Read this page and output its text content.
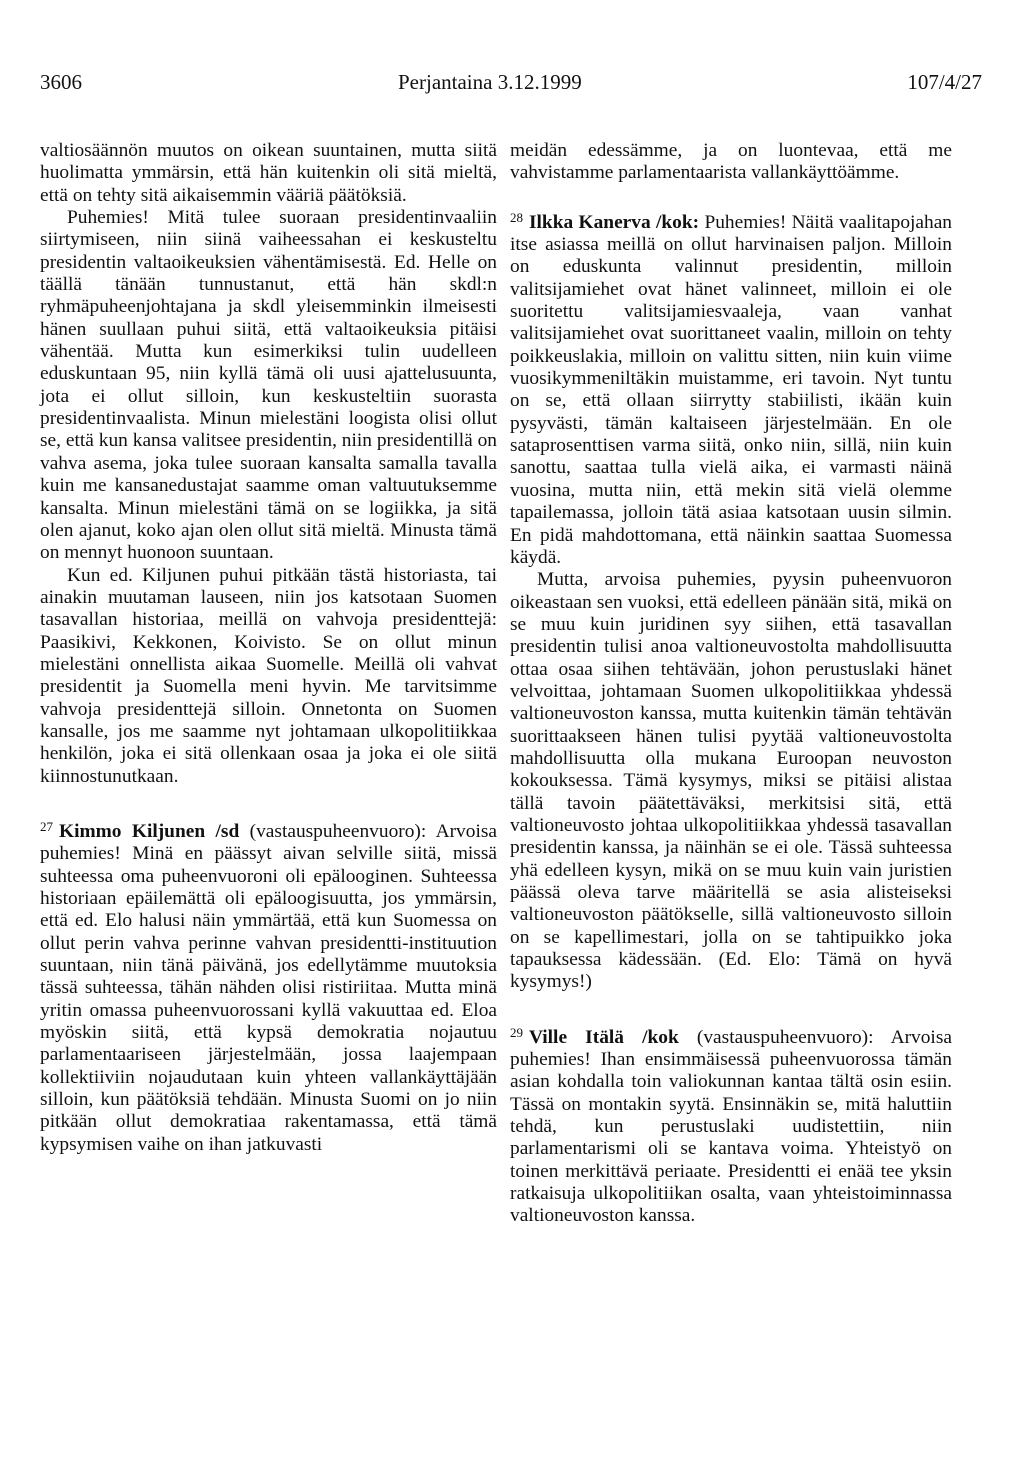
3606	Perjantaina 3.12.1999	107/4/27

valtiosäännön muutos on oikean suuntainen, mutta siitä huolimatta ymmärsin, että hän kuitenkin oli sitä mieltä, että on tehty sitä aikaisemmin vääriä päätöksiä.

Puhemies! Mitä tulee suoraan presidentinvaaliin siirtymiseen, niin siinä vaiheessahan ei keskusteltu presidentin valtaoikeuksien vähentämisestä. Ed. Helle on täällä tänään tunnustanut, että hän skdl:n ryhmäpuheenjohtajana ja skdl yleisemminkin ilmeisesti hänen suullaan puhui siitä, että valtaoikeuksia pitäisi vähentää. Mutta kun esimerkiksi tulin uudelleen eduskuntaan 95, niin kyllä tämä oli uusi ajattelusuunta, jota ei ollut silloin, kun keskusteltiin suorasta presidentinvaalista. Minun mielestäni loogista olisi ollut se, että kun kansa valitsee presidentin, niin presidentillä on vahva asema, joka tulee suoraan kansalta samalla tavalla kuin me kansanedustajat saamme oman valtuutuksemme kansalta. Minun mielestäni tämä on se logiikka, ja sitä olen ajanut, koko ajan olen ollut sitä mieltä. Minusta tämä on mennyt huonoon suuntaan.

Kun ed. Kiljunen puhui pitkään tästä historiasta, tai ainakin muutaman lauseen, niin jos katsotaan Suomen tasavallan historiaa, meillä on vahvoja presidenttejä: Paasikivi, Kekkonen, Koivisto. Se on ollut minun mielestäni onnellista aikaa Suomelle. Meillä oli vahvat presidentit ja Suomella meni hyvin. Me tarvitsimme vahvoja presidenttejä silloin. Onnetonta on Suomen kansalle, jos me saamme nyt johtamaan ulkopolitiikkaa henkilön, joka ei sitä ollenkaan osaa ja joka ei ole siitä kiinnostunutkaan.

$^{27}$ Kimmo Kiljunen /sd (vastauspuheenvuoro): Arvoisa puhemies! Minä en päässyt aivan selville siitä, missä suhteessa oma puheenvuoroni oli epälooginen. Suhteessa historiaan epäilemättä oli epäloogisuutta, jos ymmärsin, että ed. Elo halusi näin ymmärtää, että kun Suomessa on ollut perin vahva perinne vahvan presidentti-instituution suuntaan, niin tänä päivänä, jos edellytämme muutoksia tässä suhteessa, tähän nähden olisi ristiriitaa. Mutta minä yritin omassa puheenvuorossani kyllä vakuuttaa ed. Eloa myöskin siitä, että kypsä demokratia nojautuu parlamentaariseen järjestelmään, jossa laajempaan kollektiiviin nojaudutaan kuin yhteen vallankäyttäjään silloin, kun päätöksiä tehdään. Minusta Suomi on jo niin pitkään ollut demokratiaa rakentamassa, että tämä kypsymisen vaihe on ihan jatkuvasti

meidän edessämme, ja on luontevaa, että me vahvistamme parlamentaarista vallankäyttöämme.

$^{28}$ Ilkka Kanerva /kok: Puhemies! Näitä vaalitapojahan itse asiassa meillä on ollut harvinaisen paljon. Milloin on eduskunta valinnut presidentin, milloin valitsijamiehet ovat hänet valinneet, milloin ei ole suoritettu valitsijamiesvaaleja, vaan vanhat valitsijamiehet ovat suorittaneet vaalin, milloin on tehty poikkeuslakia, milloin on valittu sitten, niin kuin viime vuosikymmeniltäkin muistamme, eri tavoin. Nyt tuntu on se, että ollaan siirrytty stabiilisti, ikään kuin pysyvästi, tämän kaltaiseen järjestelmään. En ole sataprosenttisen varma siitä, onko niin, sillä, niin kuin sanottu, saattaa tulla vielä aika, ei varmasti näinä vuosina, mutta niin, että mekin sitä vielä olemme tapailemassa, jolloin tätä asiaa katsotaan uusin silmin. En pidä mahdottomana, että näinkin saattaa Suomessa käydä.

Mutta, arvoisa puhemies, pyysin puheenvuoron oikeastaan sen vuoksi, että edelleen pänään sitä, mikä on se muu kuin juridinen syy siihen, että tasavallan presidentin tulisi anoa valtioneuvostolta mahdollisuutta ottaa osaa siihen tehtävään, johon perustuslaki hänet velvoittaa, johtamaan Suomen ulkopolitiikkaa yhdessä valtioneuvoston kanssa, mutta kuitenkin tämän tehtävän suorittaakseen hänen tulisi pyytää valtioneuvostolta mahdollisuutta olla mukana Euroopan neuvoston kokouksessa. Tämä kysymys, miksi se pitäisi alistaa tällä tavoin päätettäväksi, merkitsisi sitä, että valtioneuvosto johtaa ulkopolitiikkaa yhdessä tasavallan presidentin kanssa, ja näinhän se ei ole. Tässä suhteessa yhä edelleen kysyn, mikä on se muu kuin vain juristien päässä oleva tarve määritellä se asia alisteiseksi valtioneuvoston päätökselle, sillä valtioneuvosto silloin on se kapellimestari, jolla on se tahtipuikko joka tapauksessa kädessään. (Ed. Elo: Tämä on hyvä kysymys!)

$^{29}$ Ville Itälä /kok (vastauspuheenvuoro): Arvoisa puhemies! Ihan ensimmäisessä puheenvuorossa tämän asian kohdalla toin valiokunnan kantaa tältä osin esiin. Tässä on montakin syytä. Ensinnäkin se, mitä haluttiin tehdä, kun perustuslaki uudistettiin, niin parlamentarismi oli se kantava voima. Yhteistyö on toinen merkittävä periaate. Presidentti ei enää tee yksin ratkaisuja ulkopolitiikan osalta, vaan yhteistoiminnassa valtioneuvoston kanssa.
